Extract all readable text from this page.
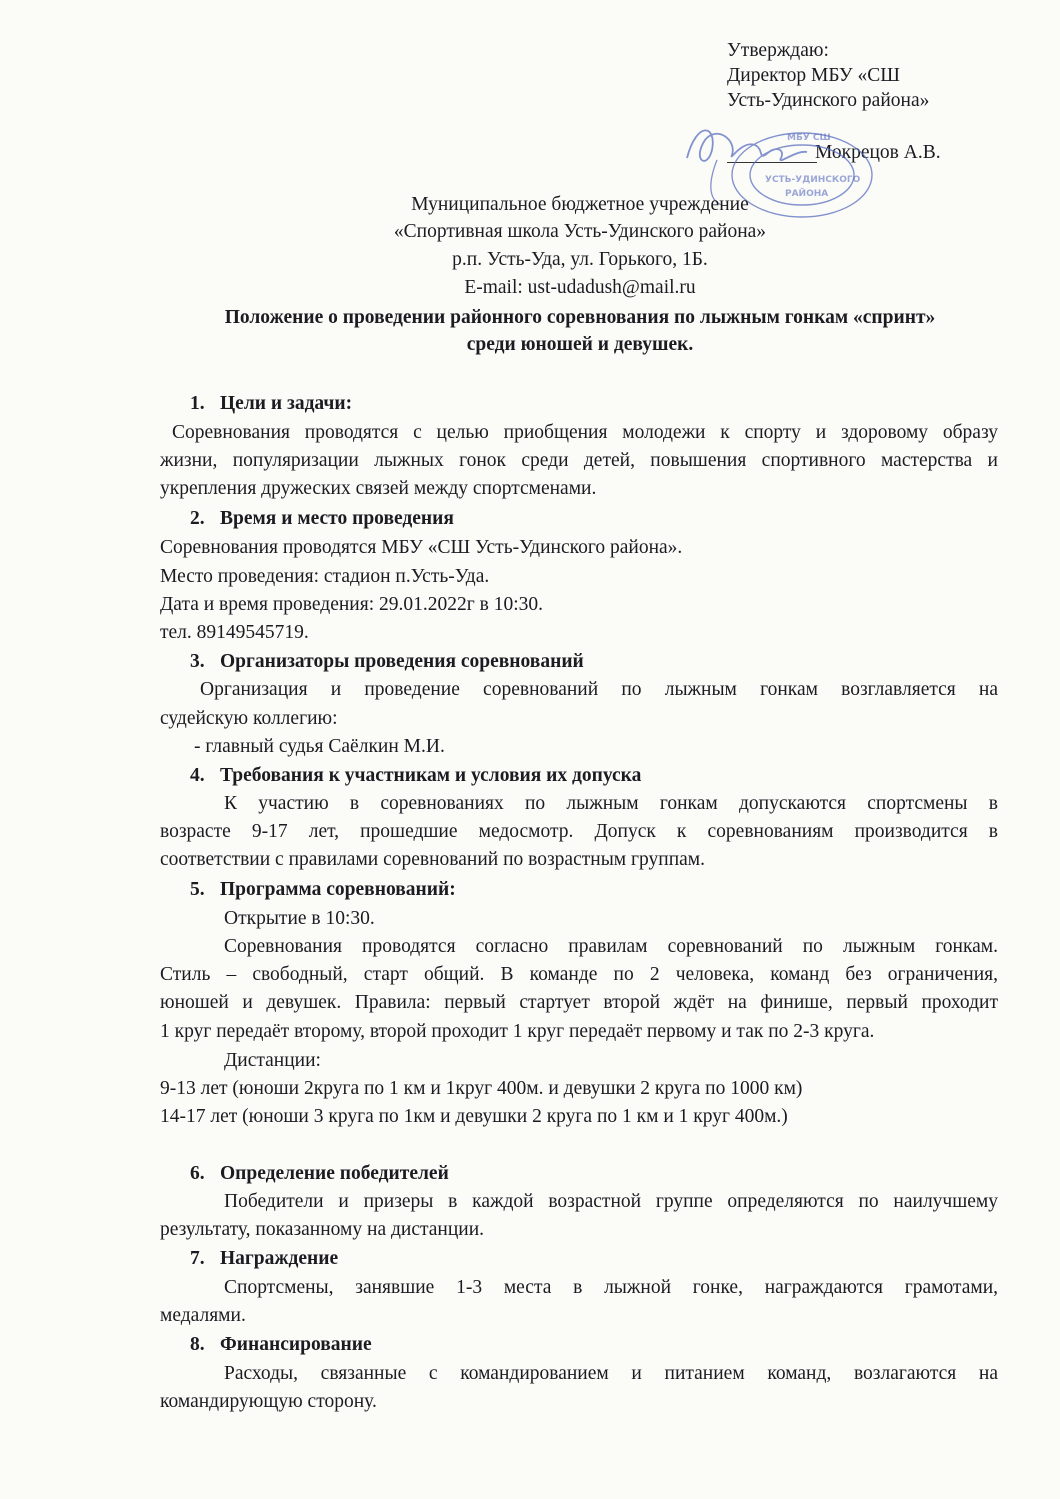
Утверждаю:
Директор МБУ «СШ
Усть-Удинского района»
Мокрецов А.В.
МБУ СШ
УСТЬ-УДИНСКОГО
РАЙОНА
Муниципальное бюджетное учреждение
«Спортивная школа Усть-Удинского района»
р.п. Усть-Уда, ул. Горького, 1Б.
E-mail: ust-udadush@mail.ru
Положение о проведении районного соревнования по лыжным гонкам «спринт»
среди юношей и девушек.
1. Цели и задачи:
Соревнования проводятся с целью приобщения молодежи к спорту и здоровому образу
жизни, популяризации лыжных гонок среди детей, повышения спортивного мастерства и
укрепления дружеских связей между спортсменами.
2. Время и место проведения
Соревнования проводятся МБУ «СШ Усть-Удинского района».
Место проведения: стадион п.Усть-Уда.
Дата и время проведения: 29.01.2022г в 10:30.
тел. 89149545719.
3. Организаторы проведения соревнований
Организация и проведение соревнований по лыжным гонкам возглавляется на
судейскую коллегию:
- главный судья Саёлкин М.И.
4. Требования к участникам и условия их допуска
К участию в соревнованиях по лыжным гонкам допускаются спортсмены в
возрасте 9-17 лет, прошедшие медосмотр. Допуск к соревнованиям производится в
соответствии с правилами соревнований по возрастным группам.
5. Программа соревнований:
Открытие в 10:30.
Соревнования проводятся согласно правилам соревнований по лыжным гонкам.
Стиль – свободный, старт общий. В команде по 2 человека, команд без ограничения,
юношей и девушек. Правила: первый стартует второй ждёт на финише, первый проходит
1 круг передаёт второму, второй проходит 1 круг передаёт первому и так по 2-3 круга.
Дистанции:
9-13 лет (юноши 2круга по 1 км и 1круг 400м. и девушки 2 круга по 1000 км)
14-17 лет (юноши 3 круга по 1км и девушки 2 круга по 1 км и 1 круг 400м.)
6. Определение победителей
Победители и призеры в каждой возрастной группе определяются по наилучшему
результату, показанному на дистанции.
7. Награждение
Спортсмены, занявшие 1-3 места в лыжной гонке, награждаются грамотами,
медалями.
8. Финансирование
Расходы, связанные с командированием и питанием команд, возлагаются на
командирующую сторону.
